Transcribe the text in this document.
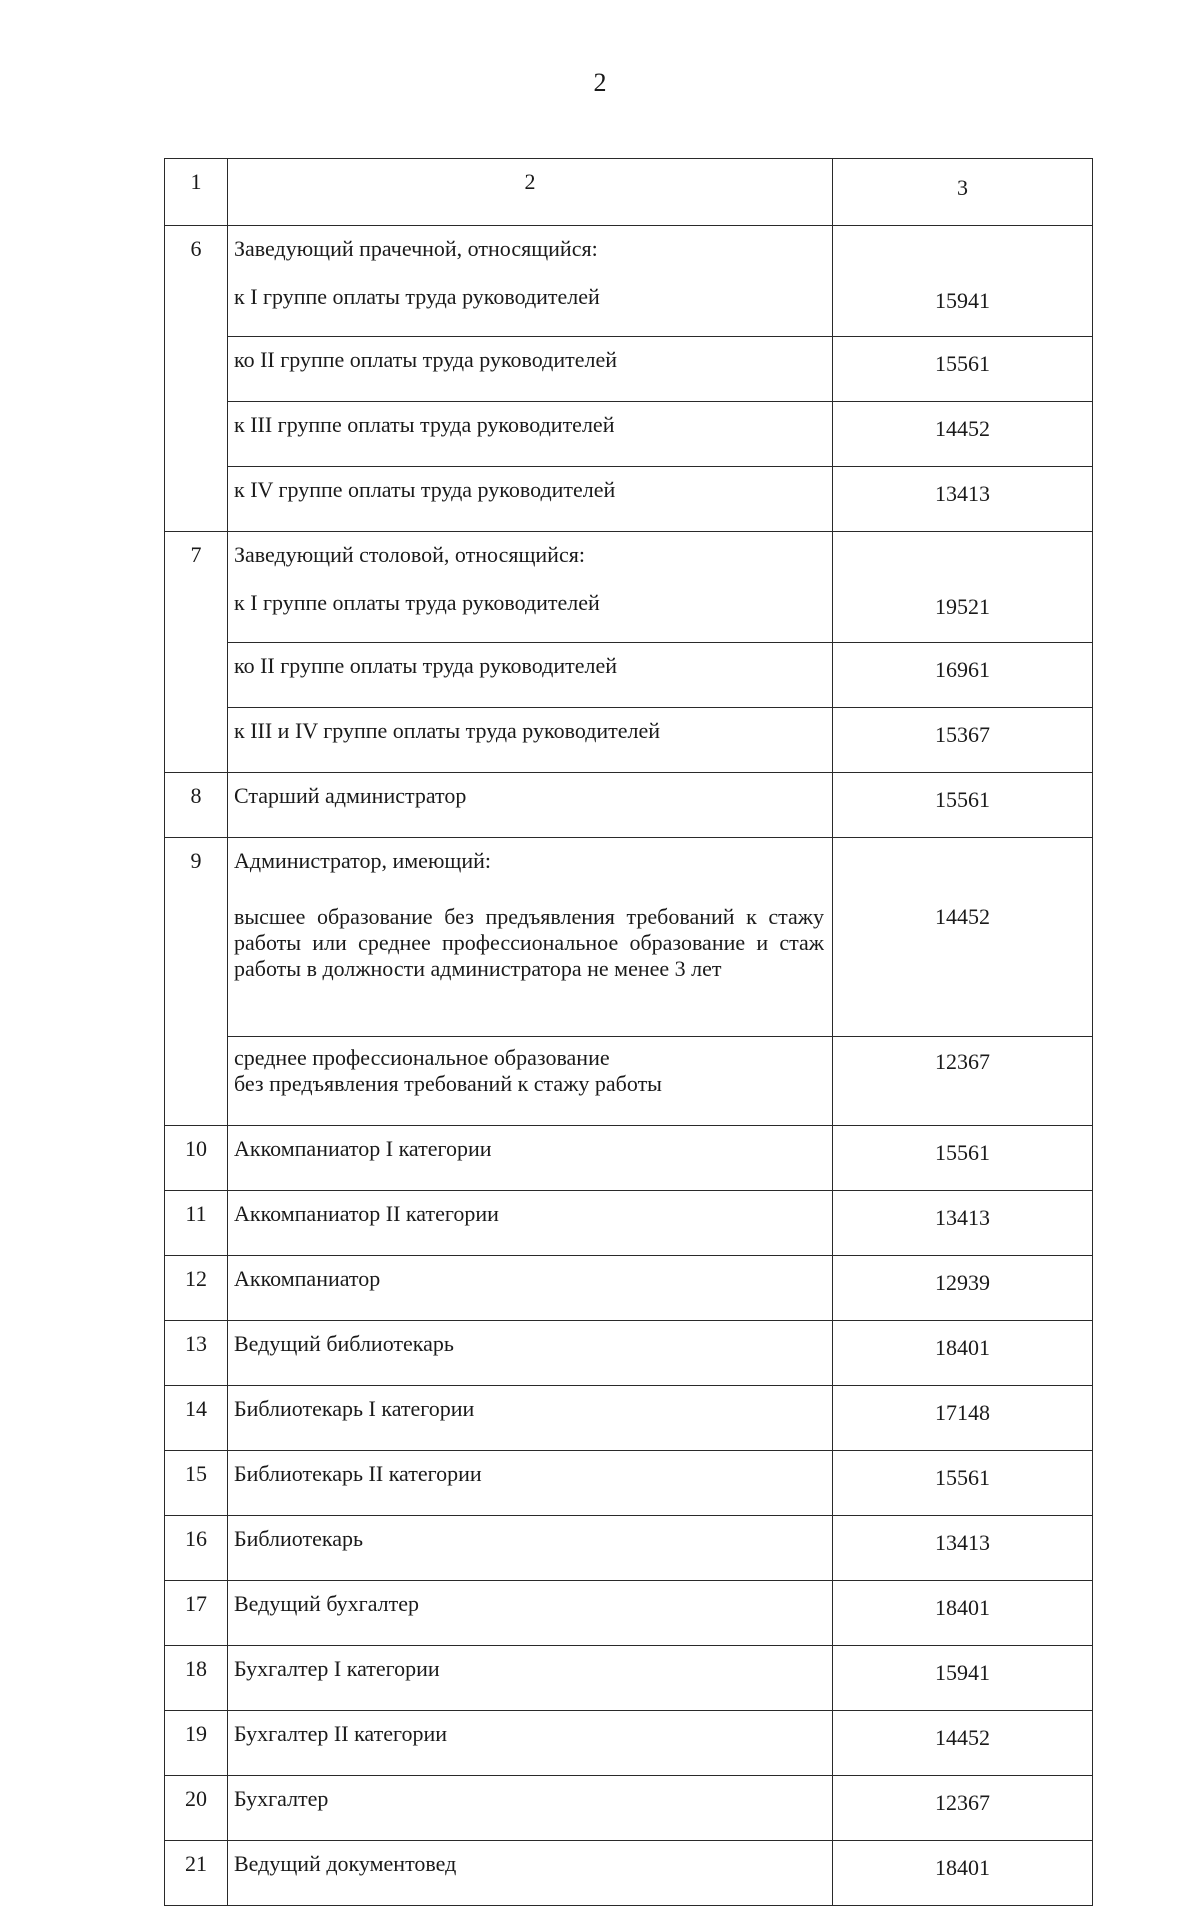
2
1	2	3
6	Заведующий прачечной, относящийся:	
	к I группе оплаты труда руководителей	15941
	ко II группе оплаты труда руководителей	15561
	к III группе оплаты труда руководителей	14452
	к IV группе оплаты труда руководителей	13413
7	Заведующий столовой, относящийся:	
	к I группе оплаты труда руководителей	19521
	ко II группе оплаты труда руководителей	16961
	к III и IV группе оплаты труда руководителей	15367
8	Старший администратор	15561
9	Администратор, имеющий:	
	высшее образование без предъявления требований к стажу работы или среднее профессиональное образование и стаж работы в должности администратора не менее 3 лет	14452

	среднее профессиональное образование
без предъявления требований к стажу работы	12367
10	Аккомпаниатор I категории	15561
11	Аккомпаниатор II категории	13413
12	Аккомпаниатор	12939
13	Ведущий библиотекарь	18401
14	Библиотекарь I категории	17148
15	Библиотекарь II категории	15561
16	Библиотекарь	13413
17	Ведущий бухгалтер	18401
18	Бухгалтер I категории	15941
19	Бухгалтер II категории	14452
20	Бухгалтер	12367
21	Ведущий документовед	18401
